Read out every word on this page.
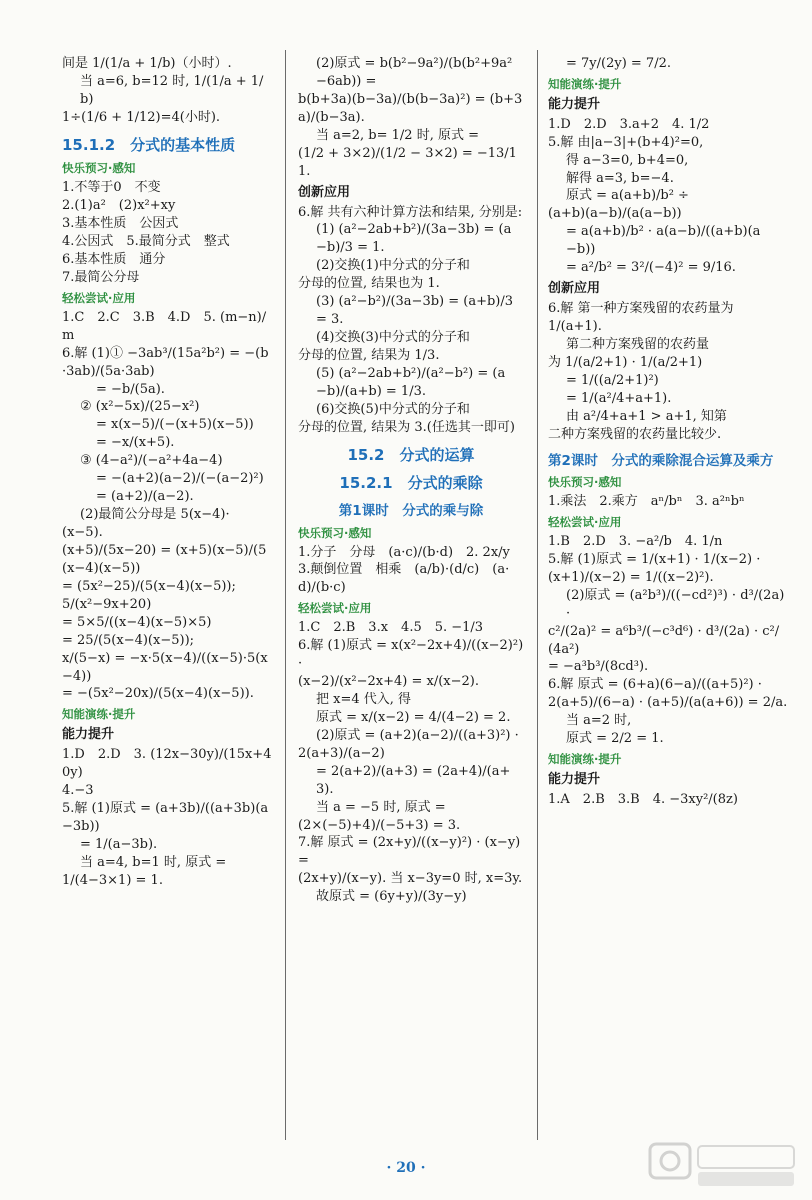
间是 1/(1/a + 1/b)（小时）.
当 a=6, b=12 时, 1/(1/a + 1/b)
1÷(1/6 + 1/12)=4(小时).
15.1.2　分式的基本性质
快乐预习·感知
1.不等于0　不变
2.(1)a²　(2)x²+xy
3.基本性质　公因式
4.公因式　5.最简分式　整式
6.基本性质　通分
7.最简公分母
轻松尝试·应用
1.C　2.C　3.B　4.D　5. (m−n)/m
6.解 (1)① −3ab³/(15a²b²) = −(b·3ab)/(5a·3ab)
= −b/(5a).
② (x²−5x)/(25−x²)
= x(x−5)/(−(x+5)(x−5))
= −x/(x+5).
③ (4−a²)/(−a²+4a−4)
= −(a+2)(a−2)/(−(a−2)²)
= (a+2)/(a−2).
(2)最简公分母是 5(x−4)·
(x−5).
(x+5)/(5x−20) = (x+5)(x−5)/(5(x−4)(x−5))
= (5x²−25)/(5(x−4)(x−5));
5/(x²−9x+20)
= 5×5/((x−4)(x−5)×5)
= 25/(5(x−4)(x−5));
x/(5−x) = −x·5(x−4)/((x−5)·5(x−4))
= −(5x²−20x)/(5(x−4)(x−5)).
知能演练·提升
能力提升
1.D　2.D　3. (12x−30y)/(15x+40y)
4.−3
5.解 (1)原式 = (a+3b)/((a+3b)(a−3b))
= 1/(a−3b).
当 a=4, b=1 时, 原式 =
1/(4−3×1) = 1.
(2)原式 = b(b²−9a²)/(b(b²+9a²−6ab)) =
b(b+3a)(b−3a)/(b(b−3a)²) = (b+3a)/(b−3a).
当 a=2, b= 1/2 时, 原式 =
(1/2 + 3×2)/(1/2 − 3×2) = −13/11.
创新应用
6.解 共有六种计算方法和结果, 分别是:
(1) (a²−2ab+b²)/(3a−3b) = (a−b)/3 = 1.
(2)交换(1)中分式的分子和
分母的位置, 结果也为 1.
(3) (a²−b²)/(3a−3b) = (a+b)/3 = 3.
(4)交换(3)中分式的分子和
分母的位置, 结果为 1/3.
(5) (a²−2ab+b²)/(a²−b²) = (a−b)/(a+b) = 1/3.
(6)交换(5)中分式的分子和
分母的位置, 结果为 3.(任选其一即可)
15.2　分式的运算
15.2.1　分式的乘除
第1课时　分式的乘与除
快乐预习·感知
1.分子　分母　(a·c)/(b·d)　2. 2x/y
3.颠倒位置　相乘　(a/b)·(d/c)　(a·d)/(b·c)
轻松尝试·应用
1.C　2.B　3.x　4.5　5. −1/3
6.解 (1)原式 = x(x²−2x+4)/((x−2)²) ·
(x−2)/(x²−2x+4) = x/(x−2).
把 x=4 代入, 得
原式 = x/(x−2) = 4/(4−2) = 2.
(2)原式 = (a+2)(a−2)/((a+3)²) ·
2(a+3)/(a−2)
= 2(a+2)/(a+3) = (2a+4)/(a+3).
当 a = −5 时, 原式 =
(2×(−5)+4)/(−5+3) = 3.
7.解 原式 = (2x+y)/((x−y)²) · (x−y) =
(2x+y)/(x−y). 当 x−3y=0 时, x=3y.
故原式 = (6y+y)/(3y−y)
= 7y/(2y) = 7/2.
知能演练·提升
能力提升
1.D　2.D　3.a+2　4. 1/2
5.解 由|a−3|+(b+4)²=0,
得 a−3=0, b+4=0,
解得 a=3, b=−4.
原式 = a(a+b)/b² ÷
(a+b)(a−b)/(a(a−b))
= a(a+b)/b² · a(a−b)/((a+b)(a−b))
= a²/b² = 3²/(−4)² = 9/16.
创新应用
6.解 第一种方案残留的农药量为
1/(a+1).
第二种方案残留的农药量
为 1/(a/2+1) · 1/(a/2+1)
= 1/((a/2+1)²)
= 1/(a²/4+a+1).
由 a²/4+a+1 > a+1, 知第
二种方案残留的农药量比较少.
第2课时　分式的乘除混合运算及乘方
快乐预习·感知
1.乘法　2.乘方　aⁿ/bⁿ　3. a²ⁿbⁿ
轻松尝试·应用
1.B　2.D　3. −a²/b　4. 1/n
5.解 (1)原式 = 1/(x+1) · 1/(x−2) ·
(x+1)/(x−2) = 1/((x−2)²).
(2)原式 = (a²b³)/((−cd²)³) · d³/(2a) ·
c²/(2a)² = a⁶b³/(−c³d⁶) · d³/(2a) · c²/(4a²)
= −a³b³/(8cd³).
6.解 原式 = (6+a)(6−a)/((a+5)²) ·
2(a+5)/(6−a) · (a+5)/(a(a+6)) = 2/a.
当 a=2 时,
原式 = 2/2 = 1.
知能演练·提升
能力提升
1.A　2.B　3.B　4. −3xy²/(8z)
· 20 ·
